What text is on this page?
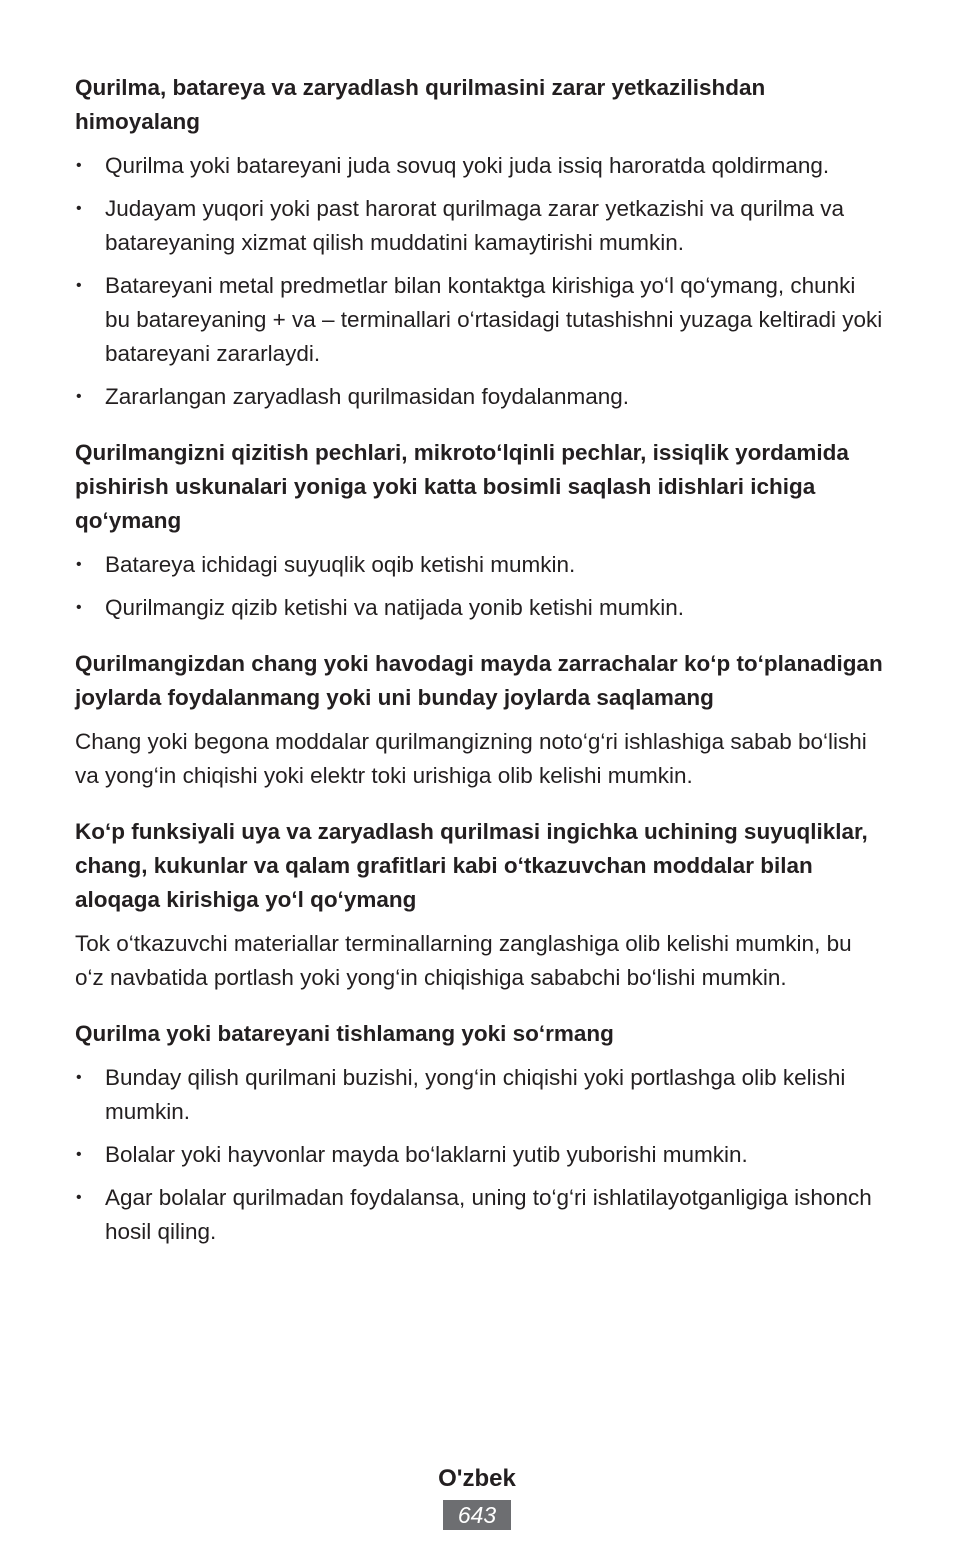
Qurilma, batareya va zaryadlash qurilmasini zarar yetkazilishdan himoyalang

• Qurilma yoki batareyani juda sovuq yoki juda issiq haroratda qoldirmang.
• Judayam yuqori yoki past harorat qurilmaga zarar yetkazishi va qurilma va batareyaning xizmat qilish muddatini kamaytirishi mumkin.
• Batareyani metal predmetlar bilan kontaktga kirishiga yo‘l qo‘ymang, chunki bu batareyaning + va – terminallari o‘rtasidagi tutashishni yuzaga keltiradi yoki batareyani zararlaydi.
• Zararlangan zaryadlash qurilmasidan foydalanmang.

Qurilmangizni qizitish pechlari, mikroto‘lqinli pechlar, issiqlik yordamida pishirish uskunalari yoniga yoki katta bosimli saqlash idishlari ichiga qo‘ymang

• Batareya ichidagi suyuqlik oqib ketishi mumkin.
• Qurilmangiz qizib ketishi va natijada yonib ketishi mumkin.

Qurilmangizdan chang yoki havodagi mayda zarrachalar ko‘p to‘planadigan joylarda foydalanmang yoki uni bunday joylarda saqlamang

Chang yoki begona moddalar qurilmangizning noto‘g‘ri ishlashiga sabab bo‘lishi va yong‘in chiqishi yoki elektr toki urishiga olib kelishi mumkin.

Ko‘p funksiyali uya va zaryadlash qurilmasi ingichka uchining suyuqliklar, chang, kukunlar va qalam grafitlari kabi o‘tkazuvchan moddalar bilan aloqaga kirishiga yo‘l qo‘ymang

Tok o‘tkazuvchi materiallar terminallarning zanglashiga olib kelishi mumkin, bu o‘z navbatida portlash yoki yong‘in chiqishiga sababchi bo‘lishi mumkin.

Qurilma yoki batareyani tishlamang yoki so‘rmang

• Bunday qilish qurilmani buzishi, yong‘in chiqishi yoki portlashga olib kelishi mumkin.
• Bolalar yoki hayvonlar mayda bo‘laklarni yutib yuborishi mumkin.
• Agar bolalar qurilmadan foydalansa, uning to‘g‘ri ishlatilayotganligiga ishonch hosil qiling.
O'zbek
643
